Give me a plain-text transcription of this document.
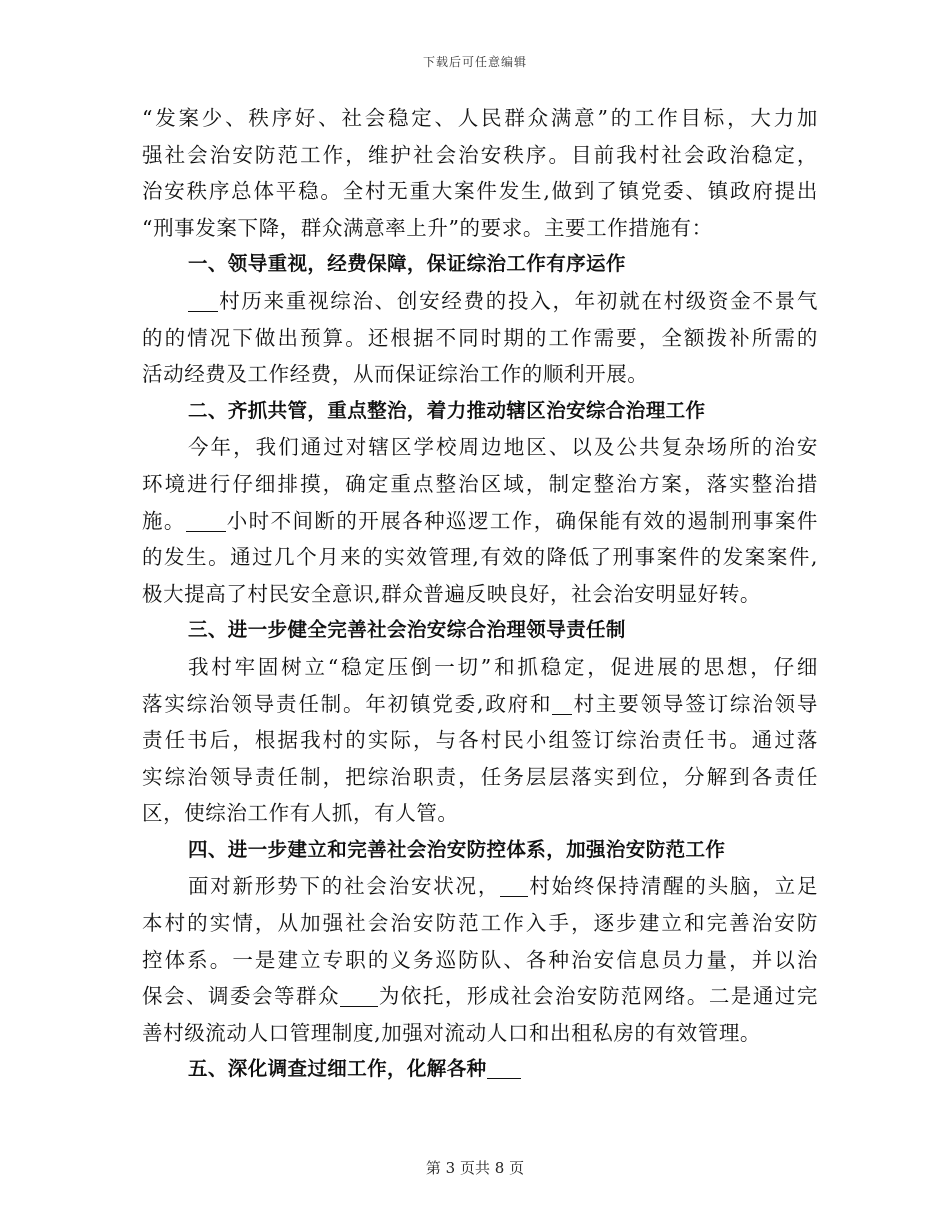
下载后可任意编辑
“发案少、秩序好、社会稳定、人民群众满意”的工作目标，大力加
强社会治安防范工作，维护社会治安秩序。目前我村社会政治稳定，
治安秩序总体平稳。全村无重大案件发生,做到了镇党委、镇政府提出
“刑事发案下降，群众满意率上升”的要求。主要工作措施有：
一、领导重视，经费保障，保证综治工作有序运作
村历来重视综治、创安经费的投入，年初就在村级资金不景气
的的情况下做出预算。还根据不同时期的工作需要，全额拨补所需的
活动经费及工作经费，从而保证综治工作的顺利开展。
二、齐抓共管，重点整治，着力推动辖区治安综合治理工作
今年，我们通过对辖区学校周边地区、以及公共复杂场所的治安
环境进行仔细排摸，确定重点整治区域，制定整治方案，落实整治措
施。 小时不间断的开展各种巡逻工作，确保能有效的遏制刑事案件
的发生。通过几个月来的实效管理,有效的降低了刑事案件的发案案件,
极大提高了村民安全意识,群众普遍反映良好，社会治安明显好转。
三、进一步健全完善社会治安综合治理领导责任制
我村牢固树立“稳定压倒一切”和抓稳定，促进展的思想，仔细
落实综治领导责任制。年初镇党委,政府和 村主要领导签订综治领导
责任书后，根据我村的实际，与各村民小组签订综治责任书。通过落
实综治领导责任制，把综治职责，任务层层落实到位，分解到各责任
区，使综治工作有人抓，有人管。
四、进一步建立和完善社会治安防控体系，加强治安防范工作
面对新形势下的社会治安状况， 村始终保持清醒的头脑，立足
本村的实情，从加强社会治安防范工作入手，逐步建立和完善治安防
控体系。一是建立专职的义务巡防队、各种治安信息员力量，并以治
保会、调委会等群众 为依托，形成社会治安防范网络。二是通过完
善村级流动人口管理制度,加强对流动人口和出租私房的有效管理。
五、深化调查过细工作，化解各种
第 3 页共 8 页
